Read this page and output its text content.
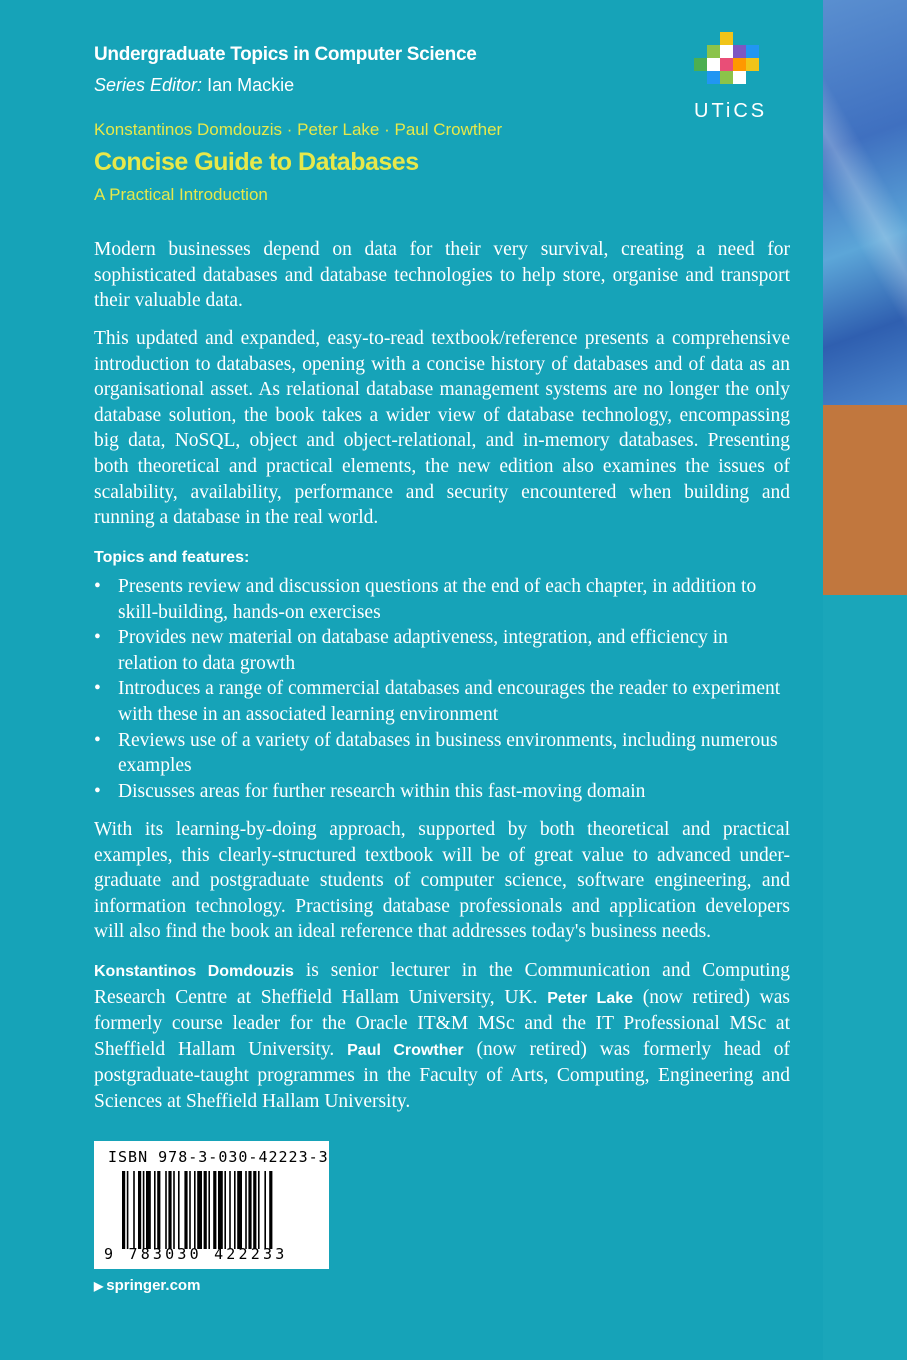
Undergraduate Topics in Computer Science
Series Editor: Ian Mackie
UTiCS
Konstantinos Domdouzis · Peter Lake · Paul Crowther
Concise Guide to Databases
A Practical Introduction

Modern businesses depend on data for their very survival, creating a need for sophisticated databases and database technologies to help store, organise and transport their valuable data.

This updated and expanded, easy-to-read textbook/reference presents a comprehensive introduction to databases, opening with a concise history of databases and of data as an organisational asset. As relational database management systems are no longer the only database solution, the book takes a wider view of database technology, encompassing big data, NoSQL, object and object-relational, and in-memory databases. Presenting both theoretical and practical elements, the new edition also examines the issues of scalability, availability, performance and security encountered when building and running a database in the real world.

Topics and features:
• Presents review and discussion questions at the end of each chapter, in addition to skill-building, hands-on exercises
• Provides new material on database adaptiveness, integration, and efficiency in relation to data growth
• Introduces a range of commercial databases and encourages the reader to experiment with these in an associated learning environment
• Reviews use of a variety of databases in business environments, including numerous examples
• Discusses areas for further research within this fast-moving domain

With its learning-by-doing approach, supported by both theoretical and practical examples, this clearly-structured textbook will be of great value to advanced under-graduate and postgraduate students of computer science, software engineering, and information technology. Practising database professionals and application developers will also find the book an ideal reference that addresses today's business needs.

Konstantinos Domdouzis is senior lecturer in the Communication and Computing Research Centre at Sheffield Hallam University, UK. Peter Lake (now retired) was formerly course leader for the Oracle IT&M MSc and the IT Professional MSc at Sheffield Hallam University. Paul Crowther (now retired) was formerly head of postgraduate-taught programmes in the Faculty of Arts, Computing, Engineering and Sciences at Sheffield Hallam University.

ISBN 978-3-030-42223-3
9 783030 422233
▶ springer.com
